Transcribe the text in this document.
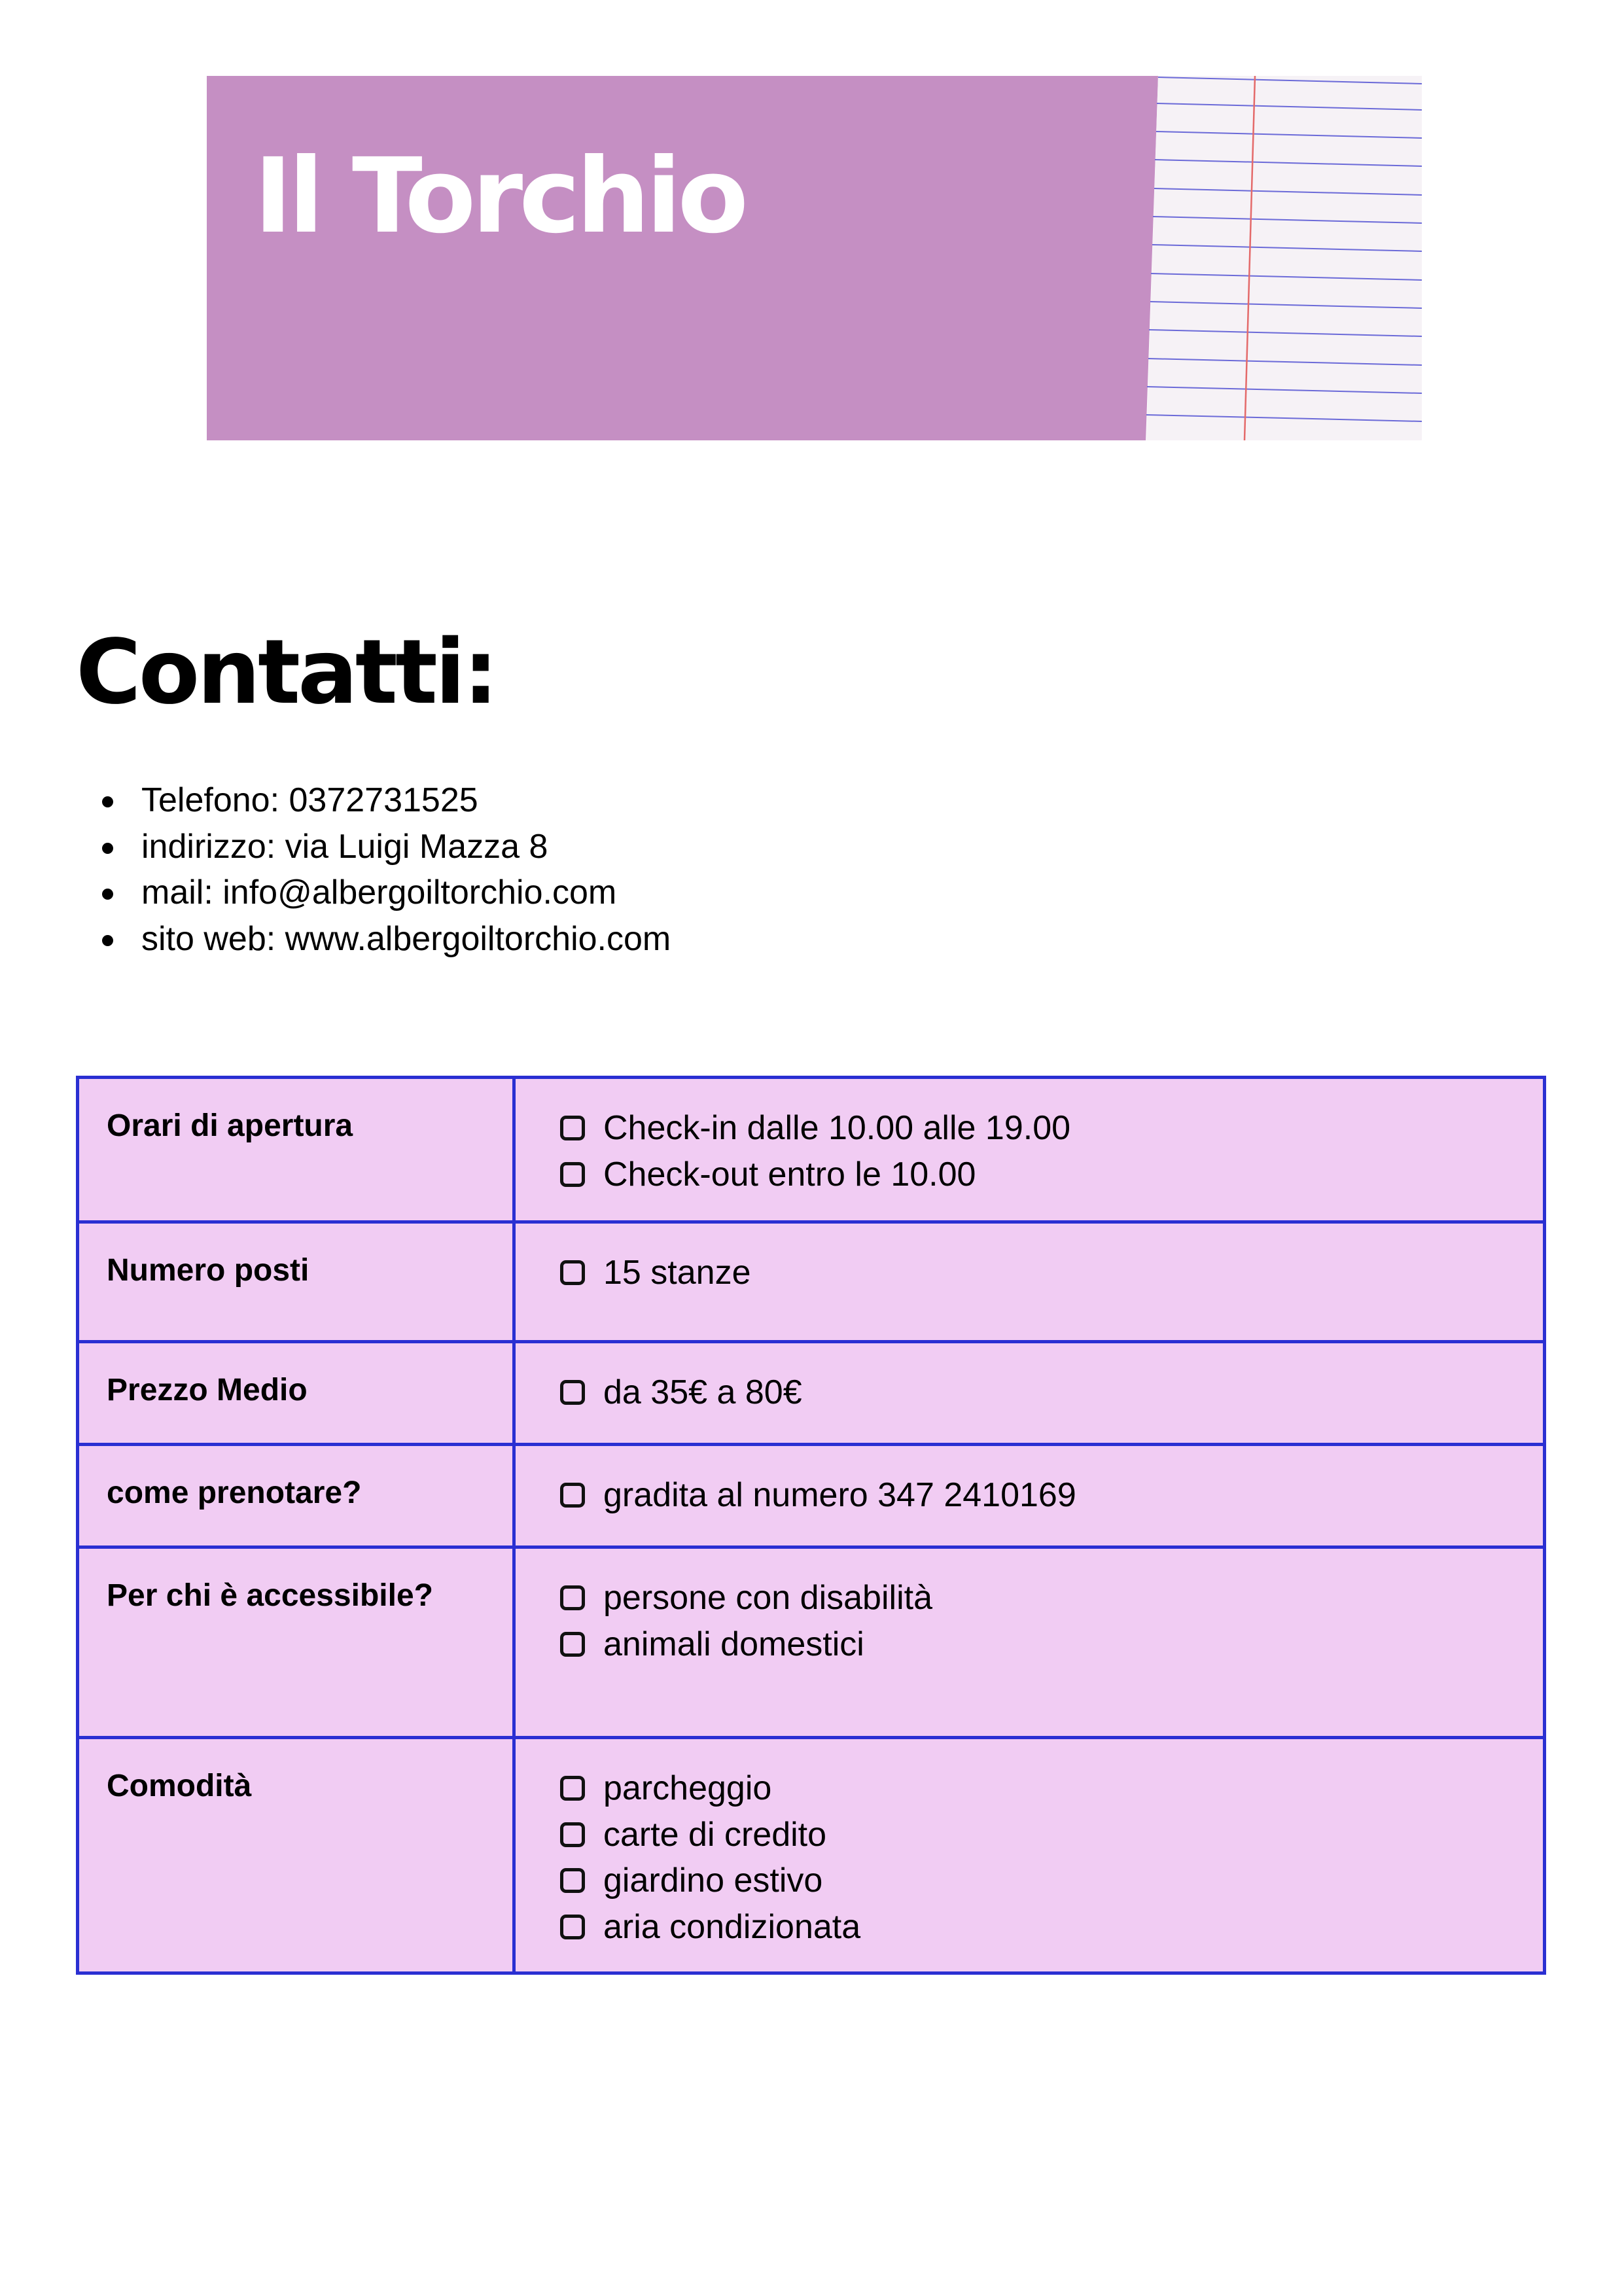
Il Torchio
Contatti:
Telefono: 0372731525
indirizzo: via Luigi Mazza 8
mail: info@albergoiltorchio.com
sito web: www.albergoiltorchio.com
Orari di apertura	Check-in dalle 10.00 alle 19.00
Check-out entro le 10.00

Numero posti	15 stanze

Prezzo Medio	da 35€ a 80€

come prenotare?	gradita al numero 347 2410169

Per chi è accessibile?	persone con disabilità
animali domestici

Comodità	parcheggio
carte di credito
giardino estivo
aria condizionata
